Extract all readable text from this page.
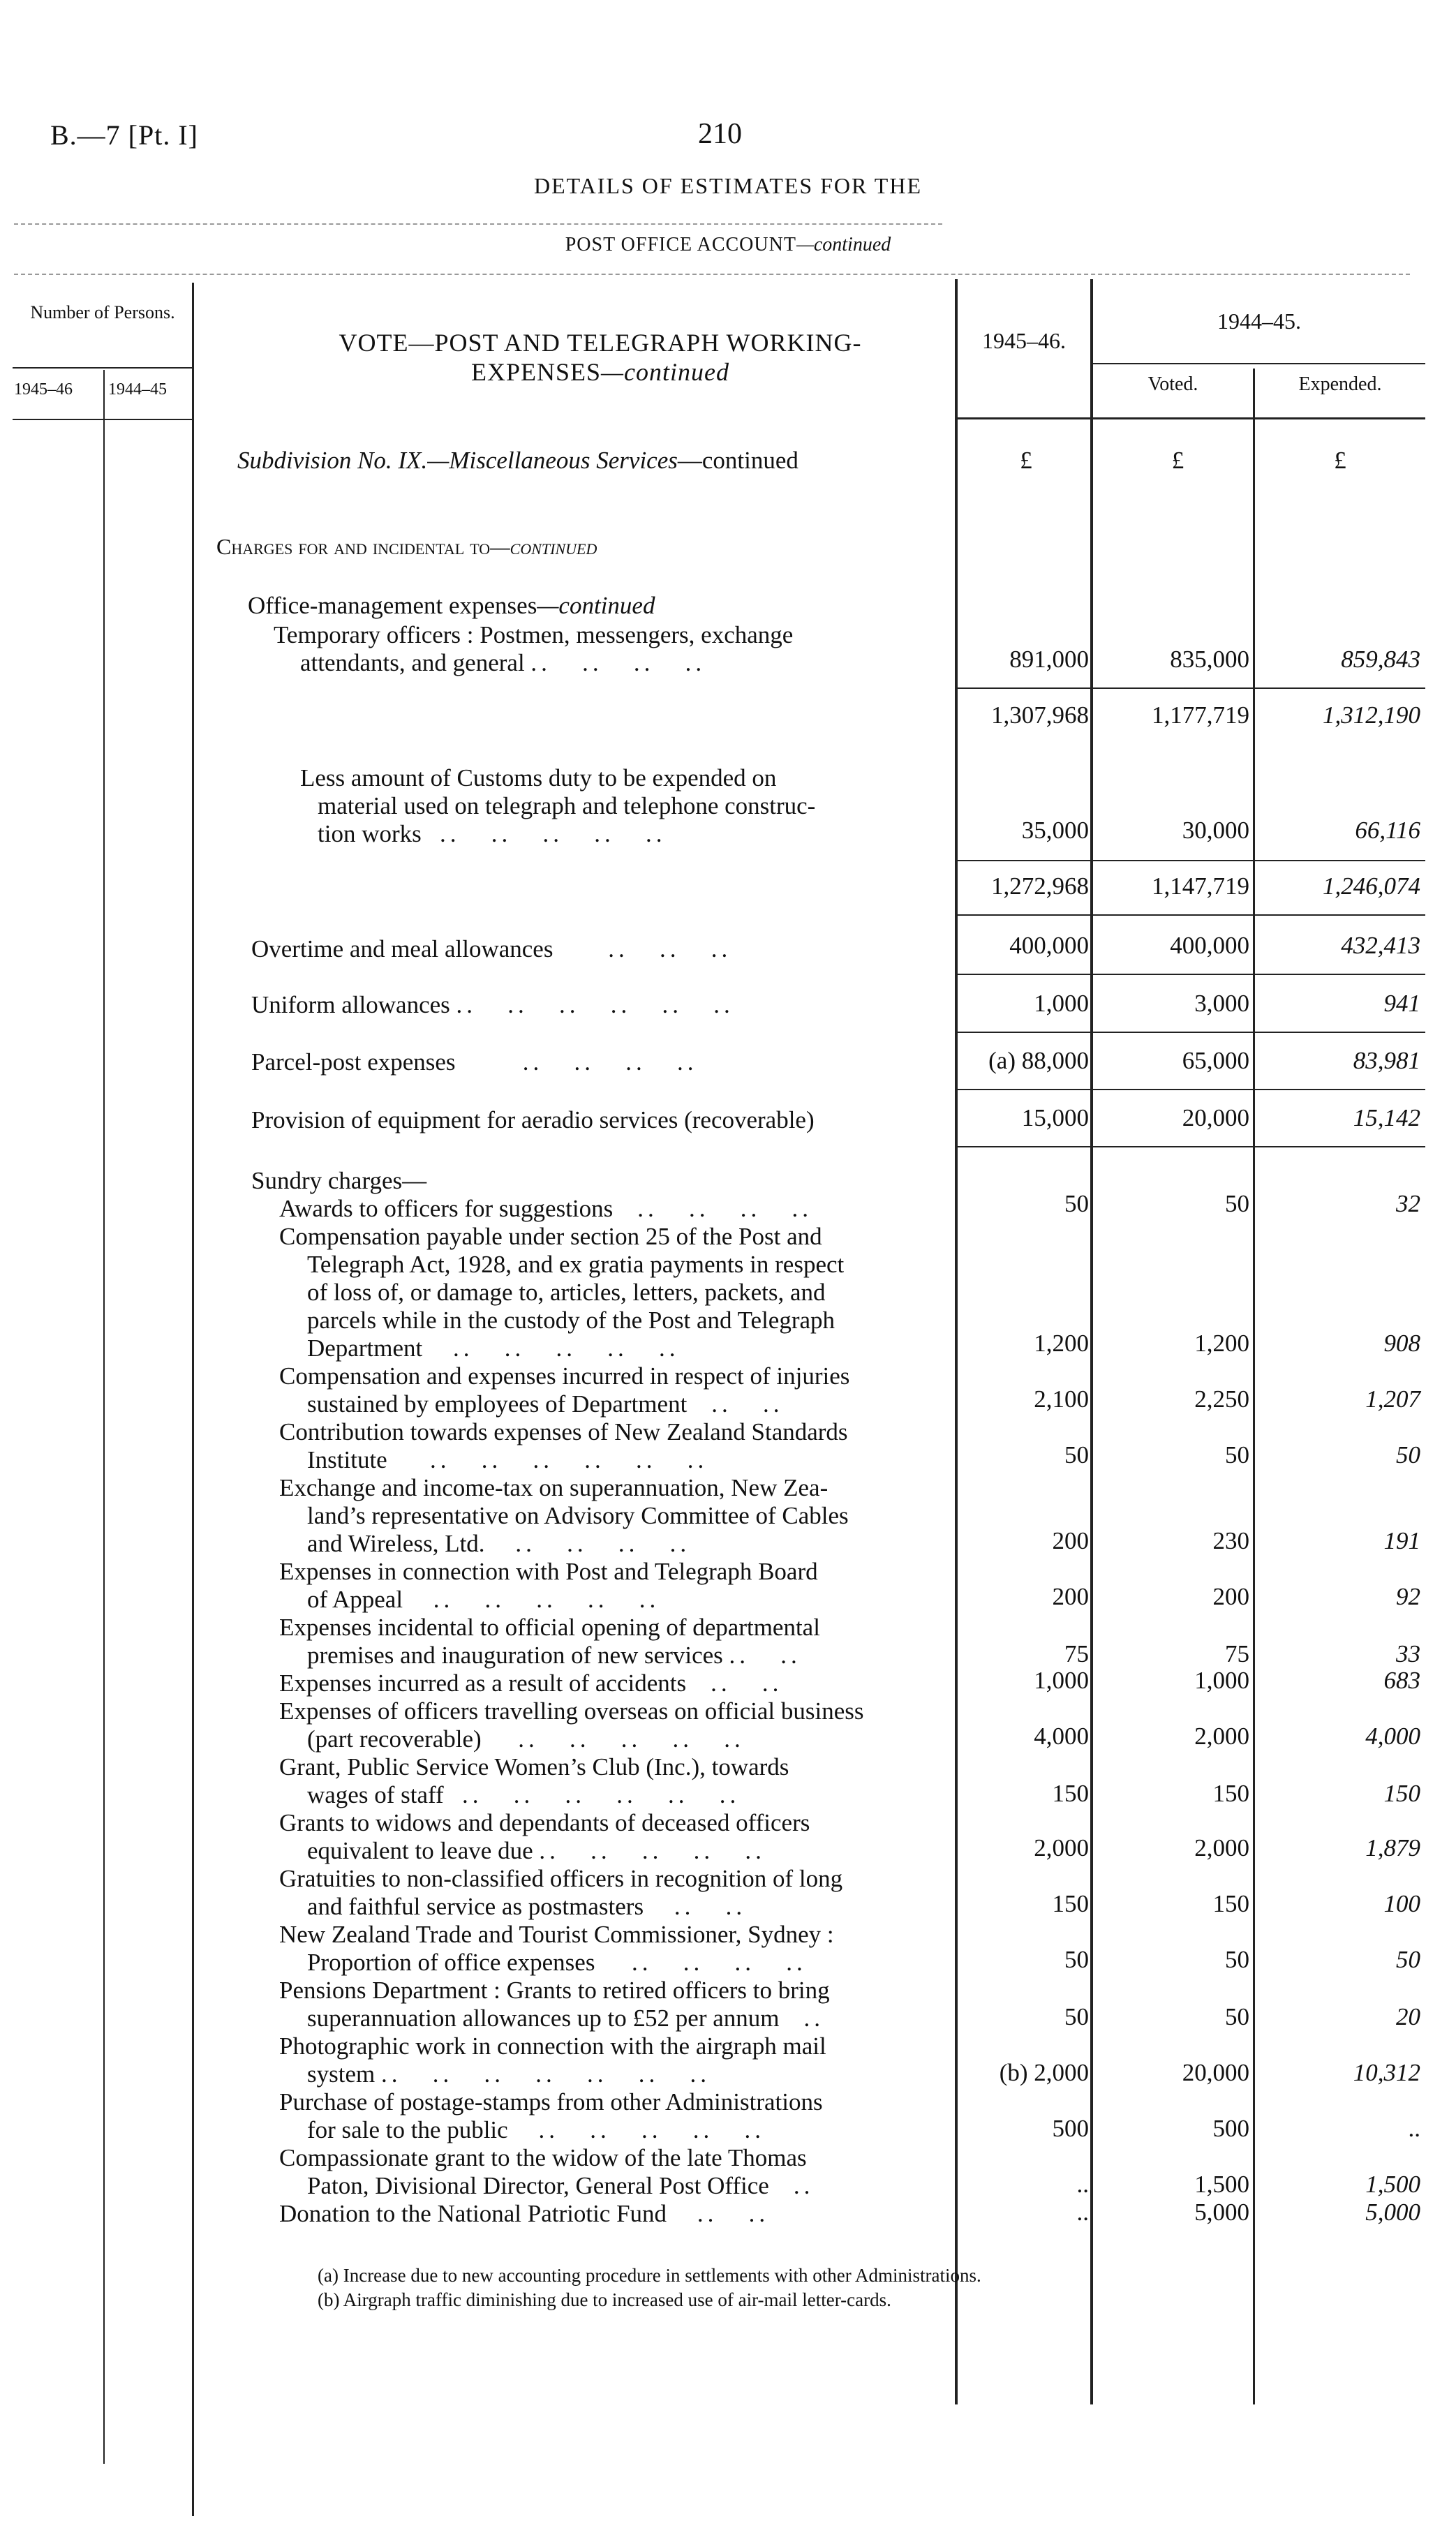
B.—7 [Pt. I]	210
DETAILS OF ESTIMATES FOR THE
POST OFFICE ACCOUNT—continued
Number of Persons.
1945–46 1944–45
VOTE—POST AND TELEGRAPH WORKING-
EXPENSES—continued
1945–46.
1944–45.
Voted.	Expended.
Subdivision No. IX.—Miscellaneous Services—continued	£	£	£
Charges for and incidental to—continued
Office-management expenses—continued
Temporary officers : Postmen, messengers, exchange
attendants, and general ..   ..   ..   ..	891,000	835,000	859,843
1,307,968	1,177,719	1,312,190
Less amount of Customs duty to be expended on
material used on telegraph and telephone construc-
tion works ..   ..   ..   ..   ..	35,000	30,000	66,116
1,272,968	1,147,719	1,246,074
Overtime and meal allowances ..   ..   ..	400,000	400,000	432,413
Uniform allowances ..   ..   ..   ..   ..   ..	1,000	3,000	941
Parcel-post expenses	..   ..   ..   ..	(a) 88,000	65,000	83,981
Provision of equipment for aeradio services (recoverable)	15,000	20,000	15,142
Sundry charges—
Awards to officers for suggestions ..   ..   ..   ..	50	50	32
Compensation payable under section 25 of the Post and
Telegraph Act, 1928, and ex gratia payments in respect
of loss of, or damage to, articles, letters, packets, and
parcels while in the custody of the Post and Telegraph
Department ..   ..   ..   ..   ..	1,200	1,200	908
Compensation and expenses incurred in respect of injuries
sustained by employees of Department ..   ..	2,100	2,250	1,207
Contribution towards expenses of New Zealand Standards
Institute ..   ..   ..   ..   ..   ..	50	50	50
Exchange and income-tax on superannuation, New Zea-
land’s representative on Advisory Committee of Cables
and Wireless, Ltd. ..   ..   ..   ..	200	230	191
Expenses in connection with Post and Telegraph Board
of Appeal ..   ..   ..   ..   ..	200	200	92
Expenses incidental to official opening of departmental
premises and inauguration of new services ..   ..	75	75	33
Expenses incurred as a result of accidents ..   ..	1,000	1,000	683
Expenses of officers travelling overseas on official business
(part recoverable) ..   ..   ..   ..   ..	4,000	2,000	4,000
Grant, Public Service Women’s Club (Inc.), towards
wages of staff ..   ..   ..   ..   ..   ..	150	150	150
Grants to widows and dependants of deceased officers
equivalent to leave due ..   ..   ..   ..   ..	2,000	2,000	1,879
Gratuities to non-classified officers in recognition of long
and faithful service as postmasters ..   ..	150	150	100
New Zealand Trade and Tourist Commissioner, Sydney :
Proportion of office expenses ..   ..   ..   ..	50	50	50
Pensions Department : Grants to retired officers to bring
superannuation allowances up to £52 per annum ..	50	50	20
Photographic work in connection with the airgraph mail
system ..   ..   ..   ..   ..   ..   ..	(b) 2,000	20,000	10,312
Purchase of postage-stamps from other Administrations
for sale to the public ..   ..   ..   ..   ..	500	500	..
Compassionate grant to the widow of the late Thomas
Paton, Divisional Director, General Post Office ..	..	1,500	1,500
Donation to the National Patriotic Fund ..   ..	..	5,000	5,000
(a) Increase due to new accounting procedure in settlements with other Administrations.
(b) Airgraph traffic diminishing due to increased use of air-mail letter-cards.
